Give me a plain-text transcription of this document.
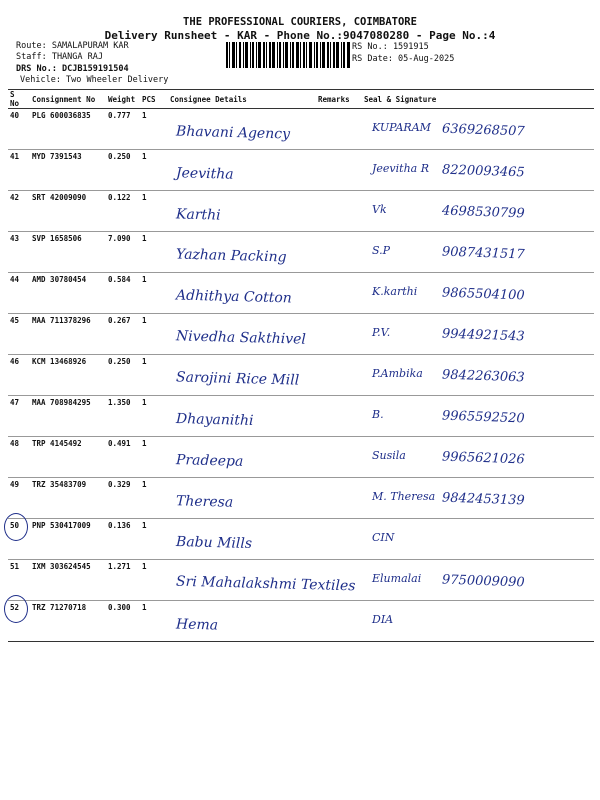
THE PROFESSIONAL COURIERS, COIMBATORE
Delivery Runsheet - KAR - Phone No.:9047080280 - Page No.:4
Route: SAMALAPURAM KAR
Staff: THANGA RAJ
DRS No.: DCJB159191504
Vehicle: Two Wheeler Delivery
RS No.: 1591915
RS Date: 05-Aug-2025
S No	Consignment No	Weight	PCS	Consignee Details	Remarks	Seal & Signature
40	PLG 600036835	0.777	1	Bhavani Agency		KUPARAM 6369268507

41	MYD 7391543	0.250	1	Jeevitha		Jeevitha R 8220093465

42	SRT 42009090	0.122	1	Karthi		Vk 4698530799

43	SVP 1658506	7.090	1	Yazhan Packing		S.P 9087431517

44	AMD 30780454	0.584	1	Adhithya Cotton		K.karthi 9865504100

45	MAA 711378296	0.267	1	Nivedha Sakthivel		P.V. 9944921543

46	KCM 13468926	0.250	1	Sarojini Rice Mill		P.Ambika 9842263063

47	MAA 708984295	1.350	1	Dhayanithi		B. 9965592520

48	TRP 4145492	0.491	1	Pradeepa		Susila 9965621026

49	TRZ 35483709	0.329	1	Theresa		M. Theresa 9842453139

50	PNP 530417009	0.136	1	Babu Mills		CIN

51	IXM 303624545	1.271	1	Sri Mahalakshmi Textiles		Elumalai 9750009090

52	TRZ 71270718	0.300	1	Hema		DIA
